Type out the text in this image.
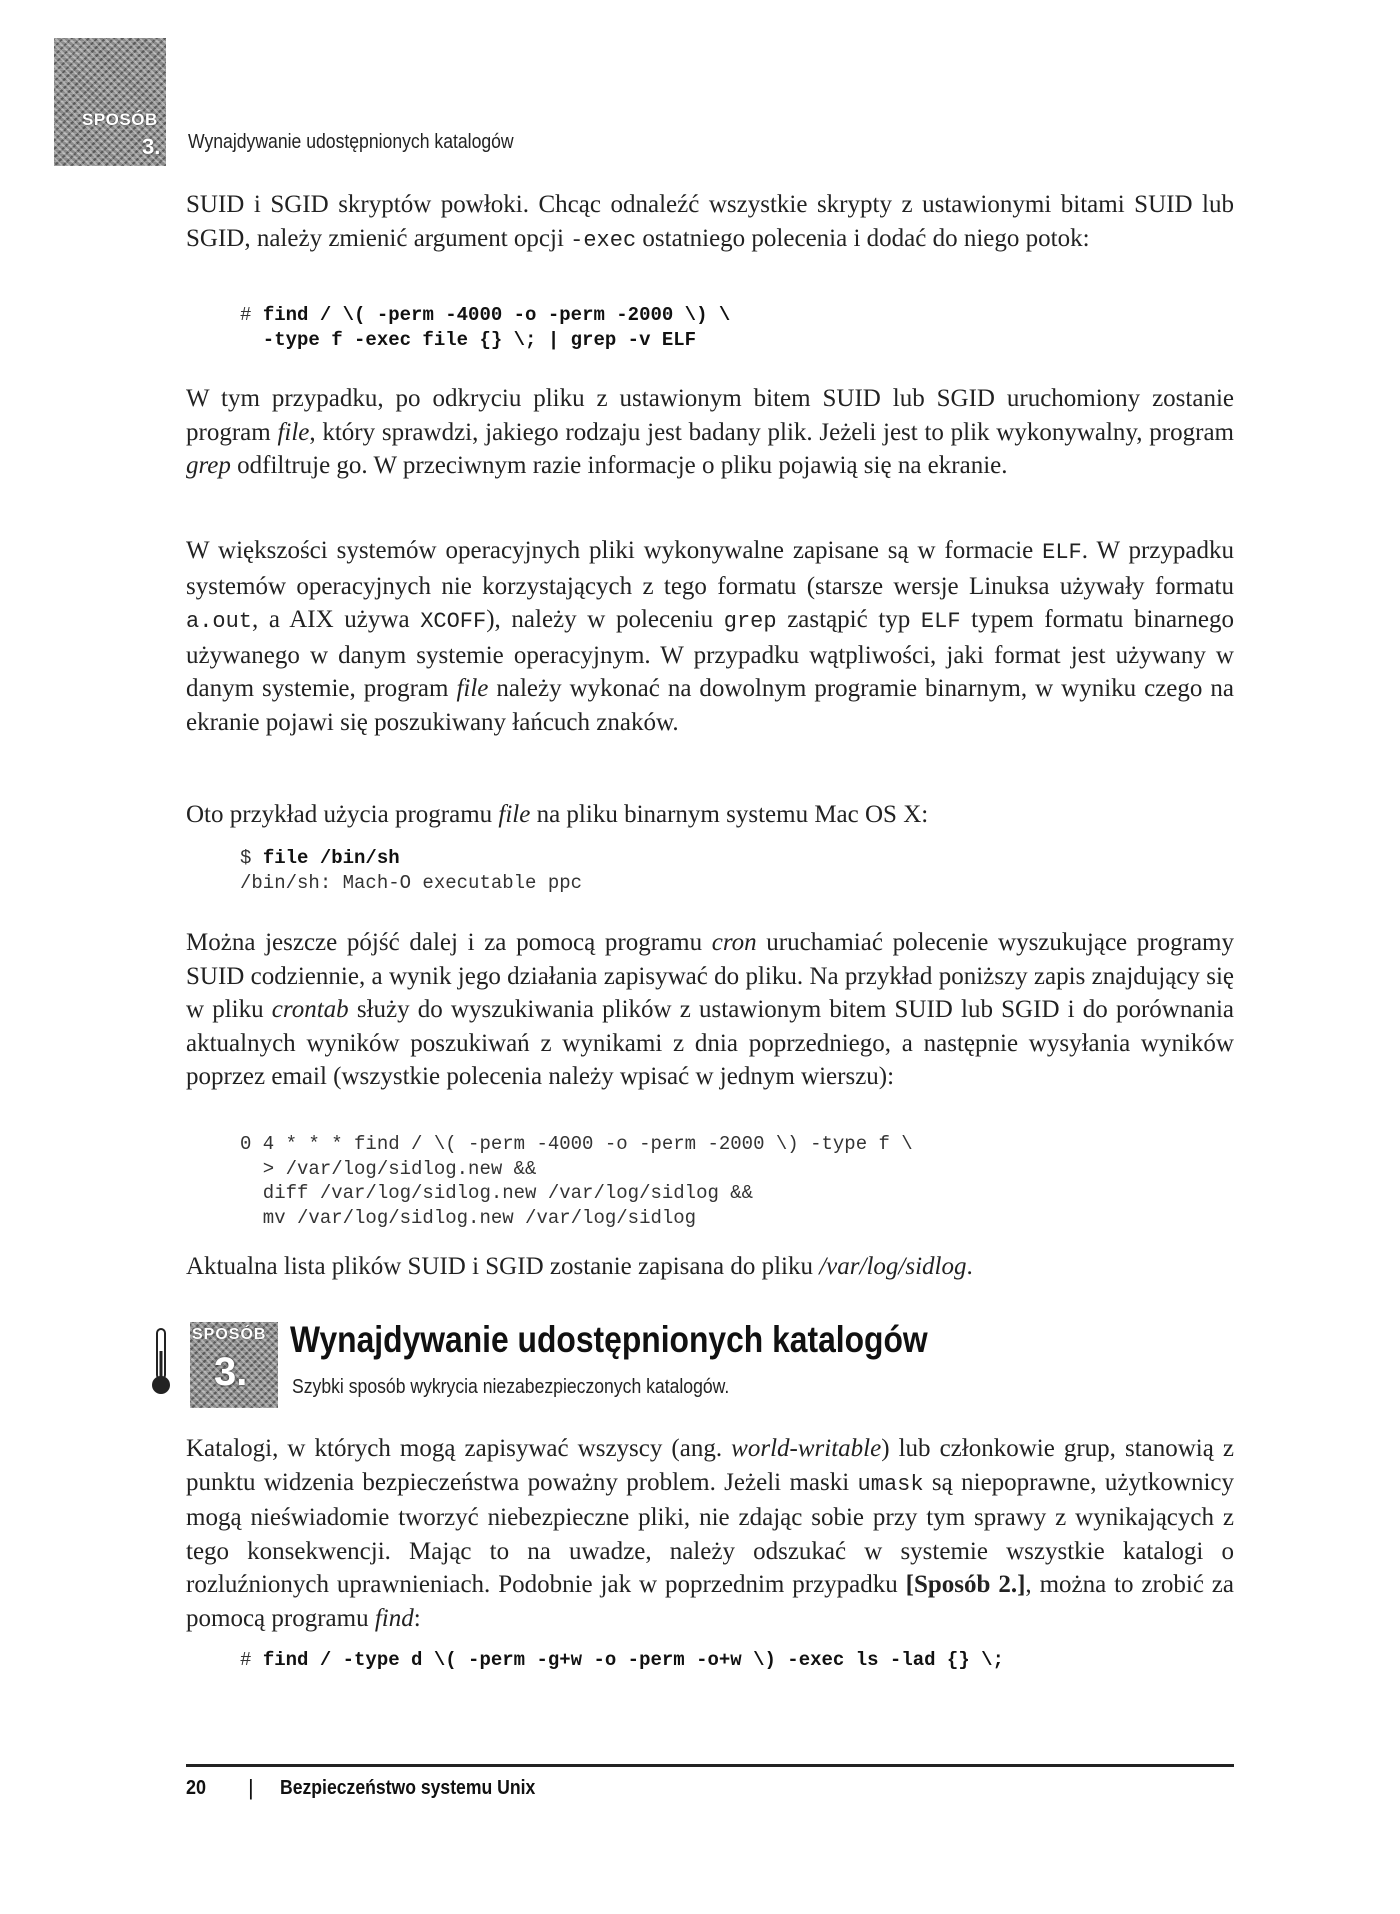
SPOSÓB
3. Wynajdywanie udostępnionych katalogów
SUID i SGID skryptów powłoki. Chcąc odnaleźć wszystkie skrypty z ustawionymi bitami SUID lub SGID, należy zmienić argument opcji -exec ostatniego polecenia i dodać do niego potok:
# find / \( -perm -4000 -o -perm -2000 \) \
-type f -exec file {} \; | grep -v ELF
W tym przypadku, po odkryciu pliku z ustawionym bitem SUID lub SGID uruchomiony zostanie program file, który sprawdzi, jakiego rodzaju jest badany plik. Jeżeli jest to plik wykonywalny, program grep odfiltruje go. W przeciwnym razie informacje o pliku pojawią się na ekranie.
W większości systemów operacyjnych pliki wykonywalne zapisane są w formacie ELF. W przypadku systemów operacyjnych nie korzystających z tego formatu (starsze wersje Linuksa używały formatu a.out, a AIX używa XCOFF), należy w poleceniu grep zastąpić typ ELF typem formatu binarnego używanego w danym systemie operacyjnym. W przypadku wątpliwości, jaki format jest używany w danym systemie, program file należy wykonać na dowolnym programie binarnym, w wyniku czego na ekranie pojawi się poszukiwany łańcuch znaków.
Oto przykład użycia programu file na pliku binarnym systemu Mac OS X:
$ file /bin/sh
/bin/sh: Mach-O executable ppc
Można jeszcze pójść dalej i za pomocą programu cron uruchamiać polecenie wyszukujące programy SUID codziennie, a wynik jego działania zapisywać do pliku. Na przykład poniższy zapis znajdujący się w pliku crontab służy do wyszukiwania plików z ustawionym bitem SUID lub SGID i do porównania aktualnych wyników poszukiwań z wynikami z dnia poprzedniego, a następnie wysyłania wyników poprzez email (wszystkie polecenia należy wpisać w jednym wierszu):
0 4 * * * find / \( -perm -4000 -o -perm -2000 \) -type f \
> /var/log/sidlog.new &&
diff /var/log/sidlog.new /var/log/sidlog &&
mv /var/log/sidlog.new /var/log/sidlog
Aktualna lista plików SUID i SGID zostanie zapisana do pliku /var/log/sidlog.
SPOSÓB
3.
Wynajdywanie udostępnionych katalogów
Szybki sposób wykrycia niezabezpieczonych katalogów.
Katalogi, w których mogą zapisywać wszyscy (ang. world-writable) lub członkowie grup, stanowią z punktu widzenia bezpieczeństwa poważny problem. Jeżeli maski umask są niepoprawne, użytkownicy mogą nieświadomie tworzyć niebezpieczne pliki, nie zdając sobie przy tym sprawy z wynikających z tego konsekwencji. Mając to na uwadze, należy odszukać w systemie wszystkie katalogi o rozluźnionych uprawnieniach. Podobnie jak w poprzednim przypadku [Sposób 2.], można to zrobić za pomocą programu find:
# find / -type d \( -perm -g+w -o -perm -o+w \) -exec ls -lad {} \;
20 | Bezpieczeństwo systemu Unix
